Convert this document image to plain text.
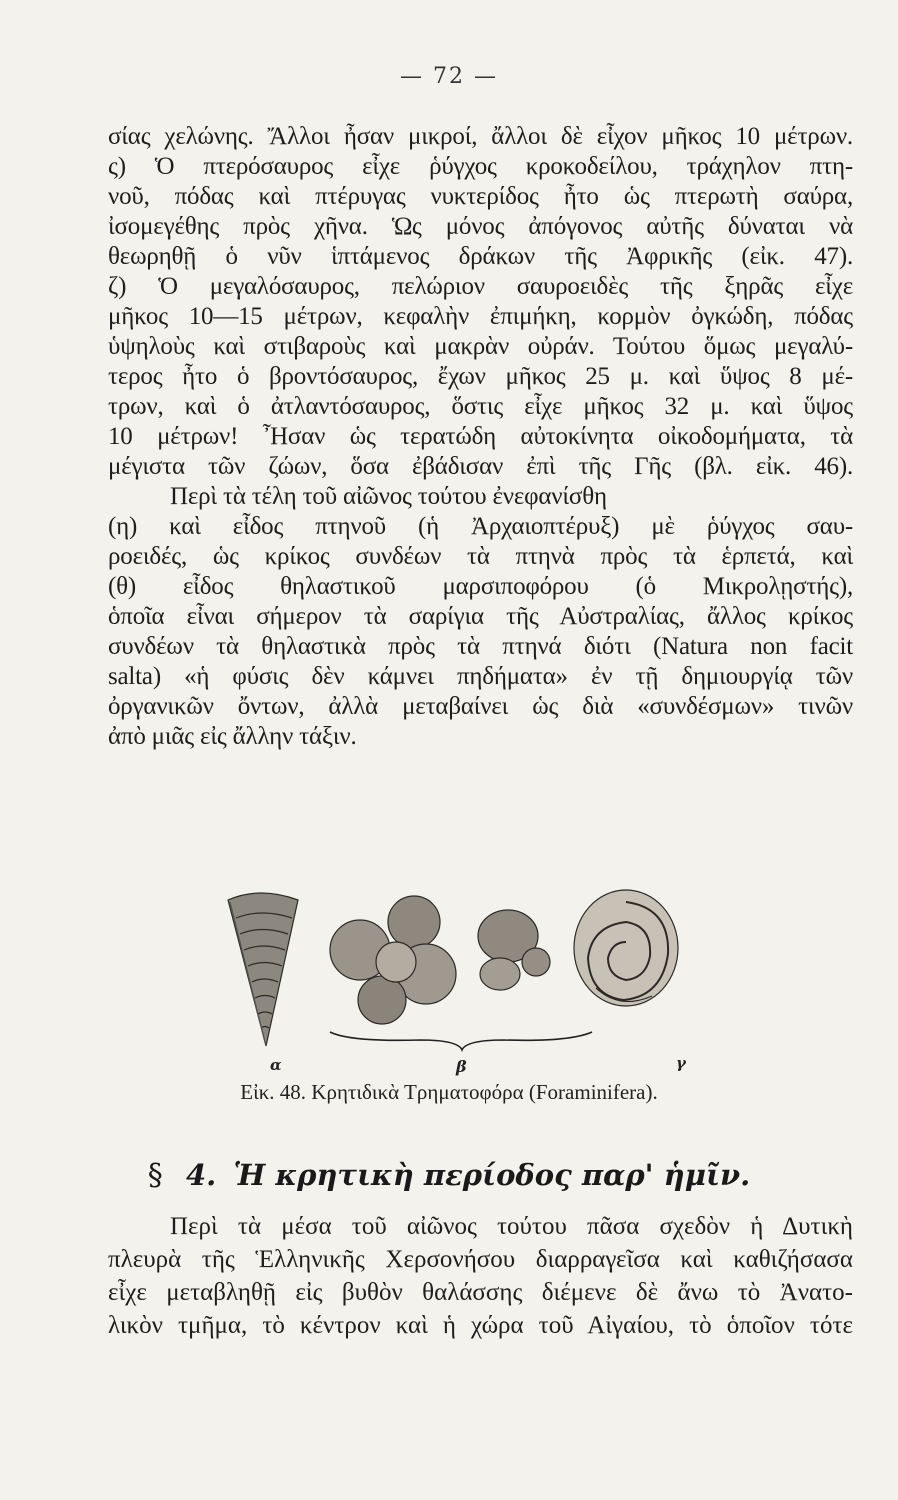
— 72 —
σίας χελώνης. Ἄλλοι ἦσαν μικροί, ἄλλοι δὲ εἶχον μῆκος 10 μέτρων.
ς) Ὁ πτερόσαυρος εἶχε ῥύγχος κροκοδείλου, τράχηλον πτη-
νοῦ, πόδας καὶ πτέρυγας νυκτερίδος ἦτο ὡς πτερωτὴ σαύρα,
ἰσομεγέθης πρὸς χῆνα. Ὡς μόνος ἀπόγονος αὐτῆς δύναται νὰ
θεωρηθῇ ὁ νῦν ἱπτάμενος δράκων τῆς Ἀφρικῆς (εἰκ. 47).
ζ) Ὁ μεγαλόσαυρος, πελώριον σαυροειδὲς τῆς ξηρᾶς εἶχε
μῆκος 10—15 μέτρων, κεφαλὴν ἐπιμήκη, κορμὸν ὀγκώδη, πόδας
ὑψηλοὺς καὶ στιβαροὺς καὶ μακρὰν οὐράν. Τούτου ὅμως μεγαλύ-
τερος ἦτο ὁ βροντόσαυρος, ἔχων μῆκος 25 μ. καὶ ὕψος 8 μέ-
τρων, καὶ ὁ ἀτλαντόσαυρος, ὅστις εἶχε μῆκος 32 μ. καὶ ὕψος
10 μέτρων! Ἦσαν ὡς τερατώδη αὐτοκίνητα οἰκοδομήματα, τὰ
μέγιστα τῶν ζώων, ὅσα ἐβάδισαν ἐπὶ τῆς Γῆς (βλ. εἰκ. 46).
Περὶ τὰ τέλη τοῦ αἰῶνος τούτου ἐνεφανίσθη
(η) καὶ εἶδος πτηνοῦ (ἡ Ἀρχαιοπτέρυξ) μὲ ῥύγχος σαυ-
ροειδές, ὡς κρίκος συνδέων τὰ πτηνὰ πρὸς τὰ ἑρπετά, καὶ
(θ) εἶδος θηλαστικοῦ μαρσιποφόρου (ὁ Μικρολῃστής),
ὁποῖα εἶναι σήμερον τὰ σαρίγια τῆς Αὐστραλίας, ἄλλος κρίκος
συνδέων τὰ θηλαστικὰ πρὸς τὰ πτηνά διότι (Natura non facit
salta) «ἡ φύσις δὲν κάμνει πηδήματα» ἐν τῇ δημιουργίᾳ τῶν
ὀργανικῶν ὄντων, ἀλλὰ μεταβαίνει ὡς διὰ «συνδέσμων» τινῶν
ἀπὸ μιᾶς εἰς ἄλλην τάξιν.
α	β	γ
Εἰκ. 48. Κρητιδικὰ Τρηματοφόρα (Foraminifera).
§ 4. Ἡ κρητικὴ περίοδος παρ' ἡμῖν.
Περὶ τὰ μέσα τοῦ αἰῶνος τούτου πᾶσα σχεδὸν ἡ Δυτικὴ
πλευρὰ τῆς Ἑλληνικῆς Χερσονήσου διαρραγεῖσα καὶ καθιζήσασα
εἶχε μεταβληθῇ εἰς βυθὸν θαλάσσης διέμενε δὲ ἄνω τὸ Ἀνατο-
λικὸν τμῆμα, τὸ κέντρον καὶ ἡ χώρα τοῦ Αἰγαίου, τὸ ὁποῖον τότε
